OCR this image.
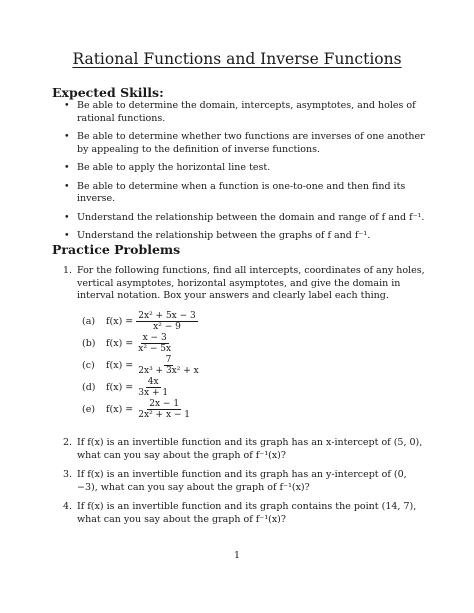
Rational Functions and Inverse Functions
Expected Skills:
• Be able to determine the domain, intercepts, asymptotes, and holes of rational functions.
• Be able to determine whether two functions are inverses of one another by appealing to the definition of inverse functions.
• Be able to apply the horizontal line test.
• Be able to determine when a function is one-to-one and then find its inverse.
• Understand the relationship between the domain and range of f and f⁻¹.
• Understand the relationship between the graphs of f and f⁻¹.
Practice Problems
1. For the following functions, find all intercepts, coordinates of any holes, vertical asymptotes, horizontal asymptotes, and give the domain in interval notation. Box your answers and clearly label each thing.
(a)	$f(x) = \frac{\text{2x² + 5x − 3}}{\text{x² − 9}}$
(b)	$f(x) = \frac{x - 3}{\text{x² − 5x}}$
(c)	$f(x) = \frac{7}{\text{2x³ + 3x² + x}}$
(d)	$f(x) = \frac{4x}{3x + 1}$
(e)	$f(x) = \frac{2x - 1}{\text{2x² + x − 1}}$
2. If f(x) is an invertible function and its graph has an x-intercept of (5, 0), what can you say about the graph of f⁻¹(x)?
3. If f(x) is an invertible function and its graph has an y-intercept of (0, −3), what can you say about the graph of f⁻¹(x)?
4. If f(x) is an invertible function and its graph contains the point (14, 7), what can you say about the graph of f⁻¹(x)?
1
